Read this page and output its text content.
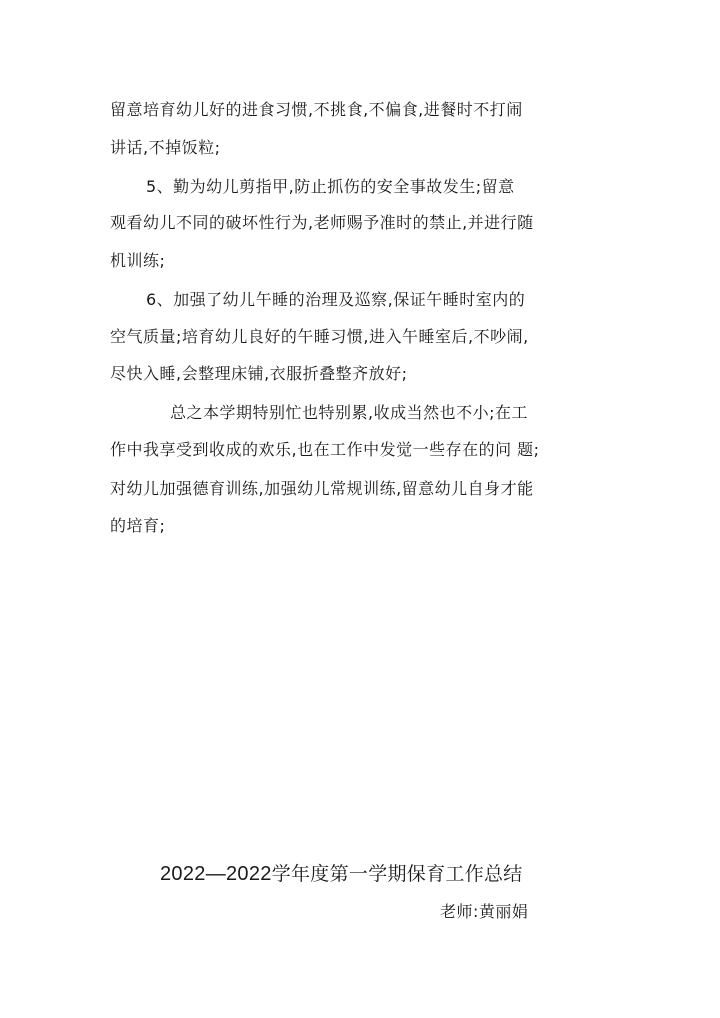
留意培育幼儿好的进食习惯,不挑食,不偏食,进餐时不打闹
讲话,不掉饭粒;
5、勤为幼儿剪指甲,防止抓伤的安全事故发生;留意
观看幼儿不同的破坏性行为,老师赐予准时的禁止,并进行随
机训练;
6、加强了幼儿午睡的治理及巡察,保证午睡时室内的
空气质量;培育幼儿良好的午睡习惯,进入午睡室后,不吵闹,
尽快入睡,会整理床铺,衣服折叠整齐放好;
总之本学期特别忙也特别累,收成当然也不小;在工
作中我享受到收成的欢乐,也在工作中发觉一些存在的问 题;
对幼儿加强德育训练,加强幼儿常规训练,留意幼儿自身才能
的培育;
2022—2022学年度第一学期保育工作总结
老师:黄丽娟
